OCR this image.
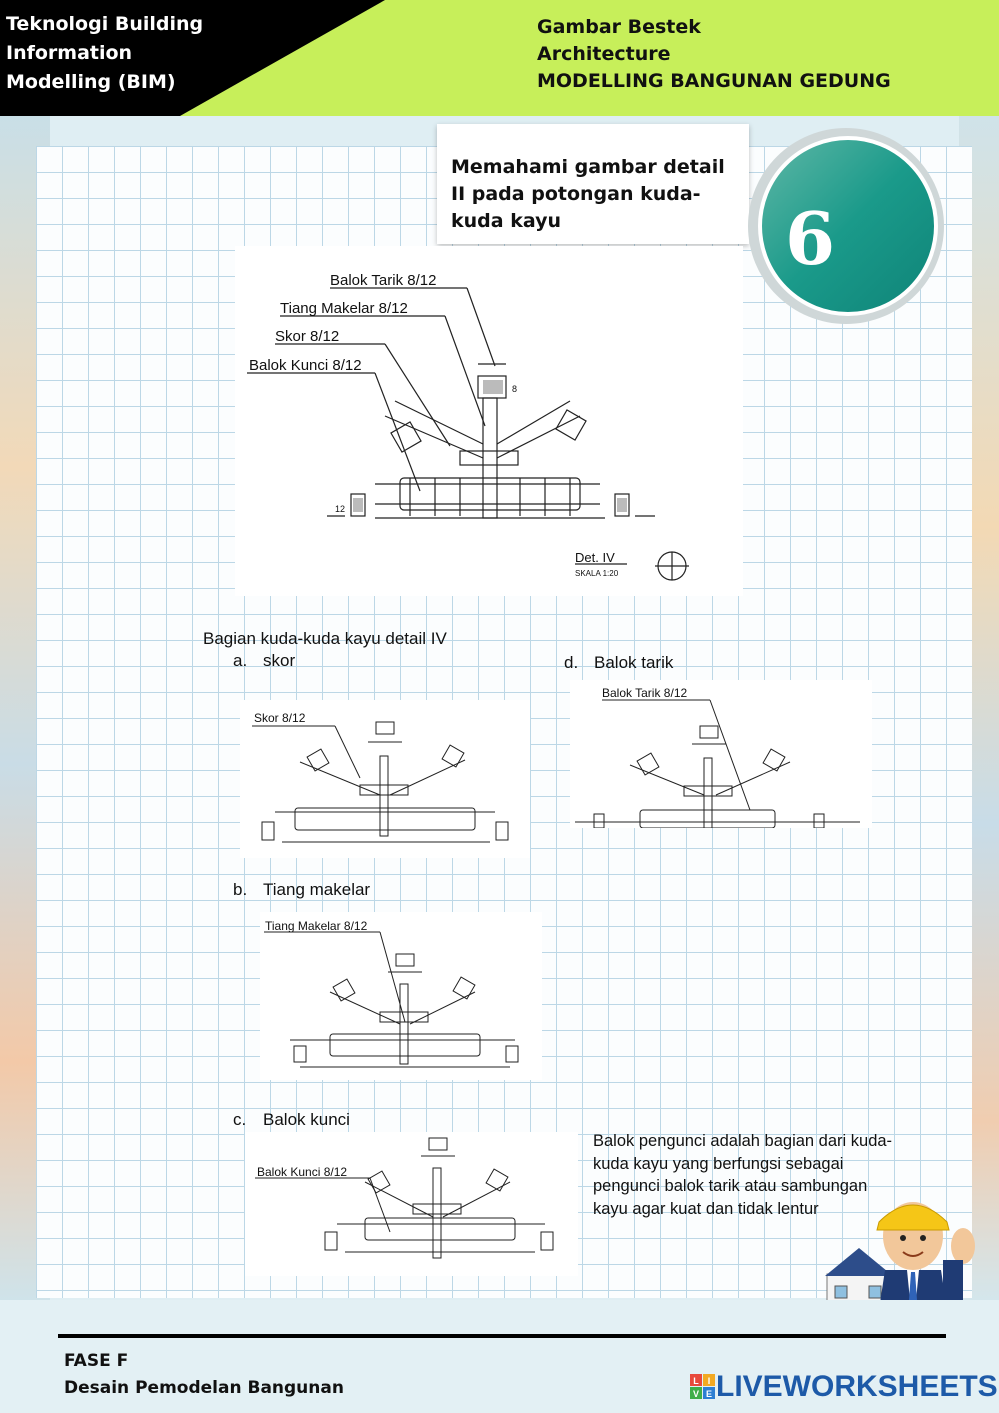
Teknologi Building
Information
Modelling (BIM)
Gambar Bestek
Architecture
MODELLING BANGUNAN GEDUNG
Memahami gambar detail
II pada potongan kuda-
kuda kayu	6
Balok Tarik 8/12
Tiang Makelar 8/12
Skor 8/12
Balok Kunci 8/12
12
8
Det. IV
SKALA 1:20
Bagian kuda-kuda kayu detail IV
a. skor
Skor 8/12
d. Balok tarik
Balok Tarik 8/12
b. Tiang makelar
Tiang Makelar 8/12
c. Balok kunci
Balok Kunci 8/12
Balok pengunci adalah bagian dari kuda-kuda kayu yang berfungsi sebagai pengunci balok tarik atau sambungan kayu agar kuat dan tidak lentur
FASE F
Desain Pemodelan Bangunan	L I
V E LIVEWORKSHEETS
